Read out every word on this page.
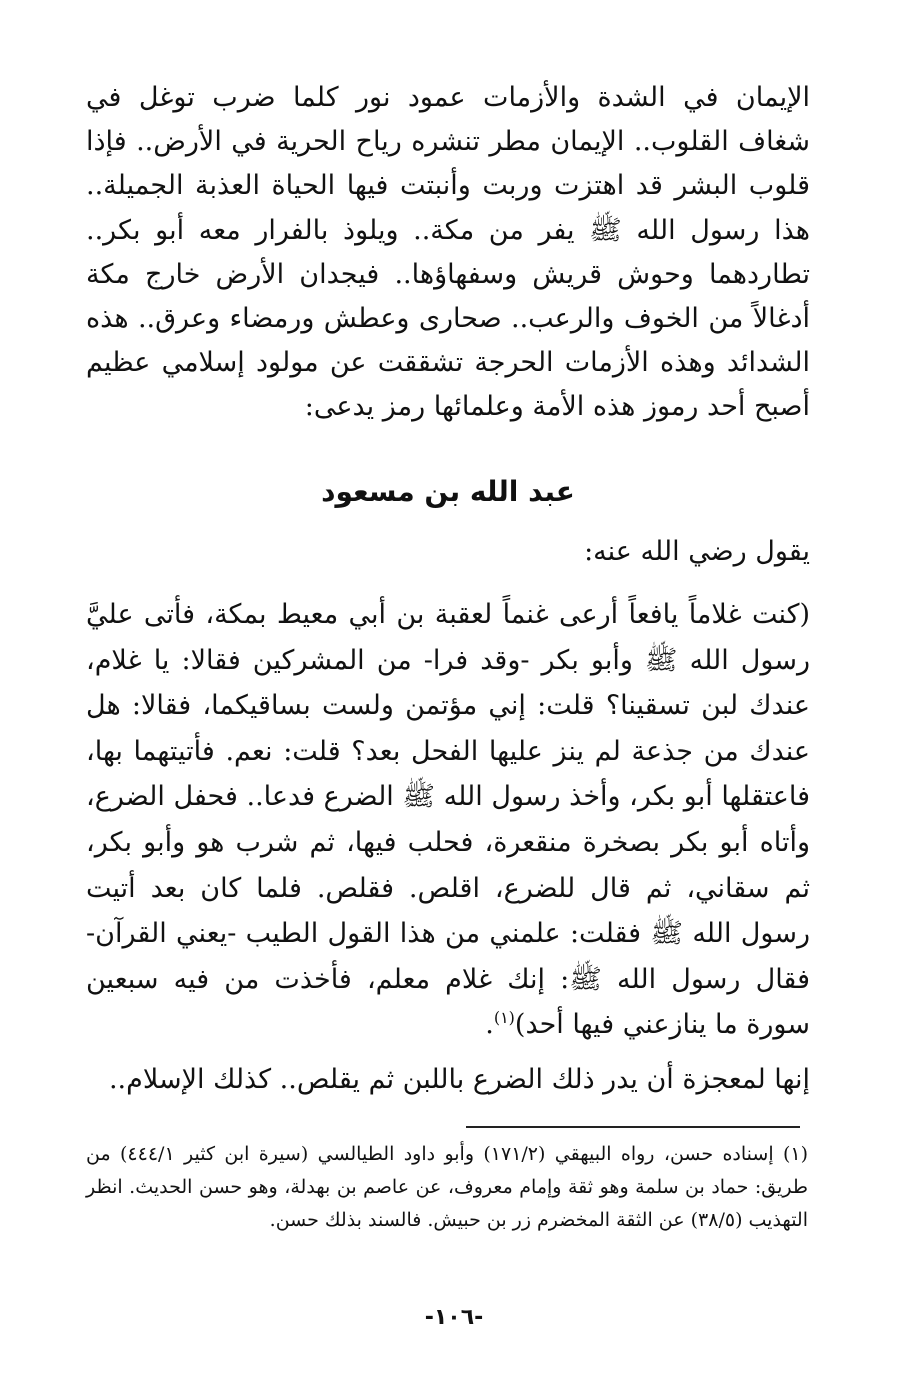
الإيمان في الشدة والأزمات عمود نور كلما ضرب توغل في شغاف القلوب.. الإيمان مطر تنشره رياح الحرية في الأرض.. فإذا قلوب البشر قد اهتزت وربت وأنبتت فيها الحياة العذبة الجميلة.. هذا رسول الله ﷺ يفر من مكة.. ويلوذ بالفرار معه أبو بكر.. تطاردهما وحوش قريش وسفهاؤها.. فيجدان الأرض خارج مكة أدغالاً من الخوف والرعب.. صحارى وعطش ورمضاء وعرق.. هذه الشدائد وهذه الأزمات الحرجة تشققت عن مولود إسلامي عظيم أصبح أحد رموز هذه الأمة وعلمائها رمز يدعى:

عبد الله بن مسعود

يقول رضي الله عنه:

(كنت غلاماً يافعاً أرعى غنماً لعقبة بن أبي معيط بمكة، فأتى عليَّ رسول الله ﷺ وأبو بكر -وقد فرا- من المشركين فقالا: يا غلام، عندك لبن تسقينا؟ قلت: إني مؤتمن ولست بساقيكما، فقالا: هل عندك من جذعة لم ينز عليها الفحل بعد؟ قلت: نعم. فأتيتهما بها، فاعتقلها أبو بكر، وأخذ رسول الله ﷺ الضرع فدعا.. فحفل الضرع، وأتاه أبو بكر بصخرة منقعرة، فحلب فيها، ثم شرب هو وأبو بكر، ثم سقاني، ثم قال للضرع، اقلص. فقلص. فلما كان بعد أتيت رسول الله ﷺ فقلت: علمني من هذا القول الطيب -يعني القرآن- فقال رسول الله ﷺ: إنك غلام معلم، فأخذت من فيه سبعين سورة ما ينازعني فيها أحد)$^{(١)}$.

إنها لمعجزة أن يدر ذلك الضرع باللبن ثم يقلص.. كذلك الإسلام..

(١) إسناده حسن، رواه البيهقي (١٧١/٢) وأبو داود الطيالسي (سيرة ابن كثير ٤٤٤/١) من طريق: حماد بن سلمة وهو ثقة وإمام معروف، عن عاصم بن بهدلة، وهو حسن الحديث. انظر التهذيب (٣٨/٥) عن الثقة المخضرم زر بن حبيش. فالسند بذلك حسن.

-١٠٦-
